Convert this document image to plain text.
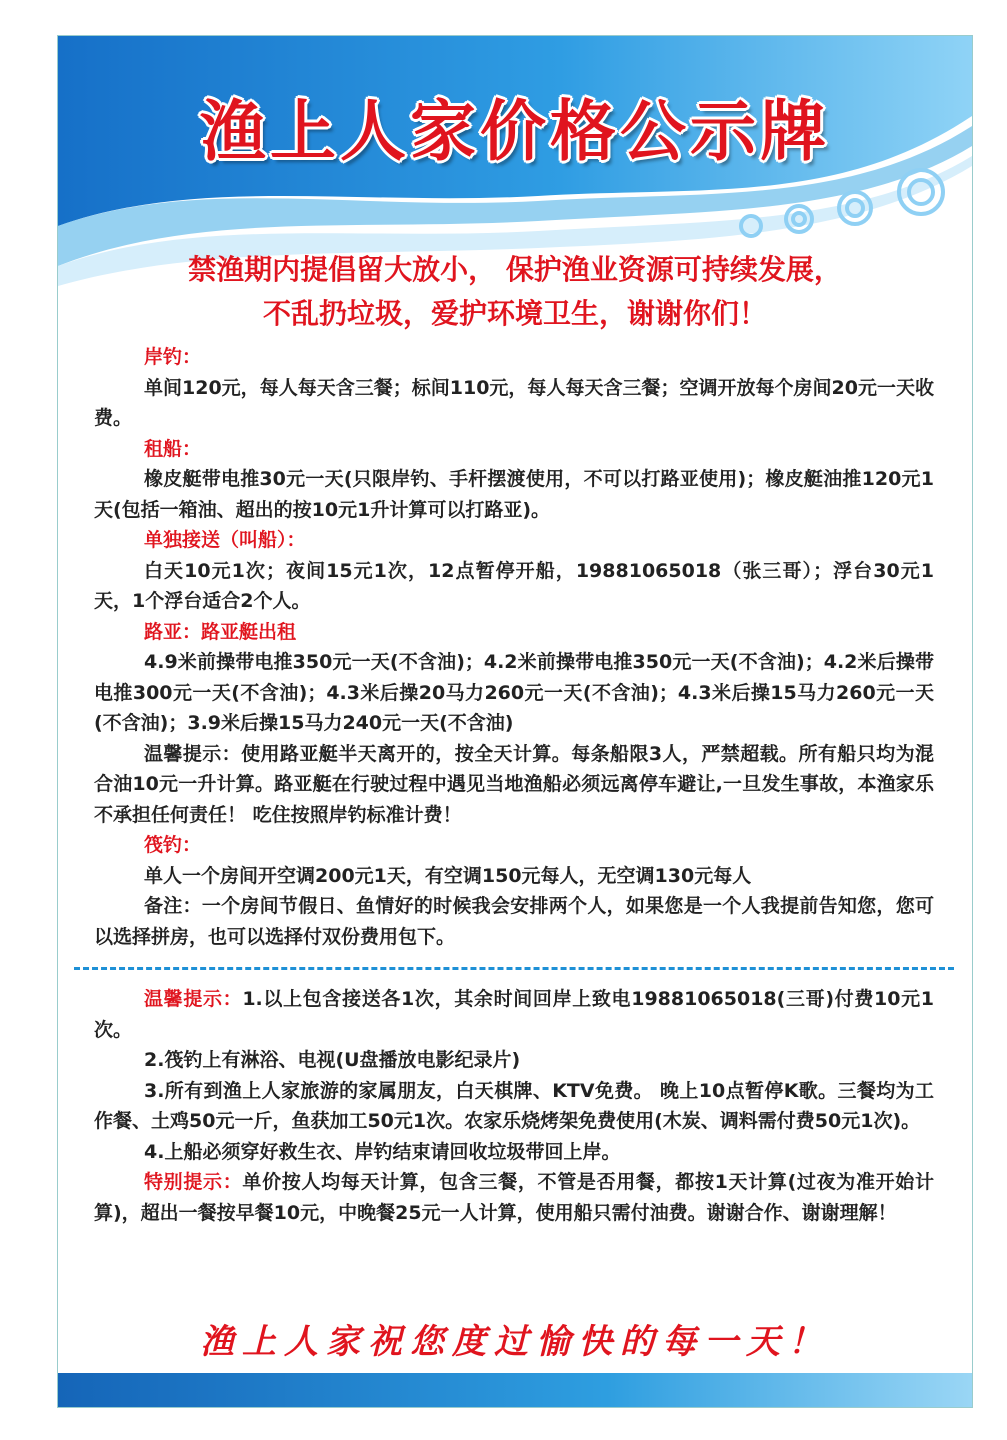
渔上人家价格公示牌
禁渔期内提倡留大放小， 保护渔业资源可持续发展，
不乱扔垃圾，爱护环境卫生，谢谢你们！
岸钓：

单间120元，每人每天含三餐；标间110元，每人每天含三餐；空调开放每个房间20元一天收费。

租船：

橡皮艇带电推30元一天(只限岸钓、手杆摆渡使用，不可以打路亚使用)；橡皮艇油推120元1天(包括一箱油、超出的按10元1升计算可以打路亚)。

单独接送（叫船）：

白天10元1次；夜间15元1次，12点暂停开船，19881065018（张三哥）；浮台30元1天，1个浮台适合2个人。

路亚：路亚艇出租

4.9米前操带电推350元一天(不含油)；4.2米前操带电推350元一天(不含油)；4.2米后操带电推300元一天(不含油)；4.3米后操20马力260元一天(不含油)；4.3米后操15马力260元一天(不含油)；3.9米后操15马力240元一天(不含油)

温馨提示：使用路亚艇半天离开的，按全天计算。每条船限3人，严禁超载。所有船只均为混合油10元一升计算。路亚艇在行驶过程中遇见当地渔船必须远离停车避让,一旦发生事故，本渔家乐不承担任何责任！ 吃住按照岸钓标准计费！

筏钓：

单人一个房间开空调200元1天，有空调150元每人，无空调130元每人

备注：一个房间节假日、鱼情好的时候我会安排两个人，如果您是一个人我提前告知您，您可以选择拼房，也可以选择付双份费用包下。

温馨提示：1.以上包含接送各1次，其余时间回岸上致电19881065018(三哥)付费10元1次。

2.筏钓上有淋浴、电视(U盘播放电影纪录片)

3.所有到渔上人家旅游的家属朋友，白天棋牌、KTV免费。 晚上10点暂停K歌。三餐均为工作餐、土鸡50元一斤，鱼获加工50元1次。农家乐烧烤架免费使用(木炭、调料需付费50元1次)。

4.上船必须穿好救生衣、岸钓结束请回收垃圾带回上岸。

特别提示：单价按人均每天计算，包含三餐，不管是否用餐，都按1天计算(过夜为准开始计算)，超出一餐按早餐10元，中晚餐25元一人计算，使用船只需付油费。谢谢合作、谢谢理解！

渔上人家祝您度过愉快的每一天！
